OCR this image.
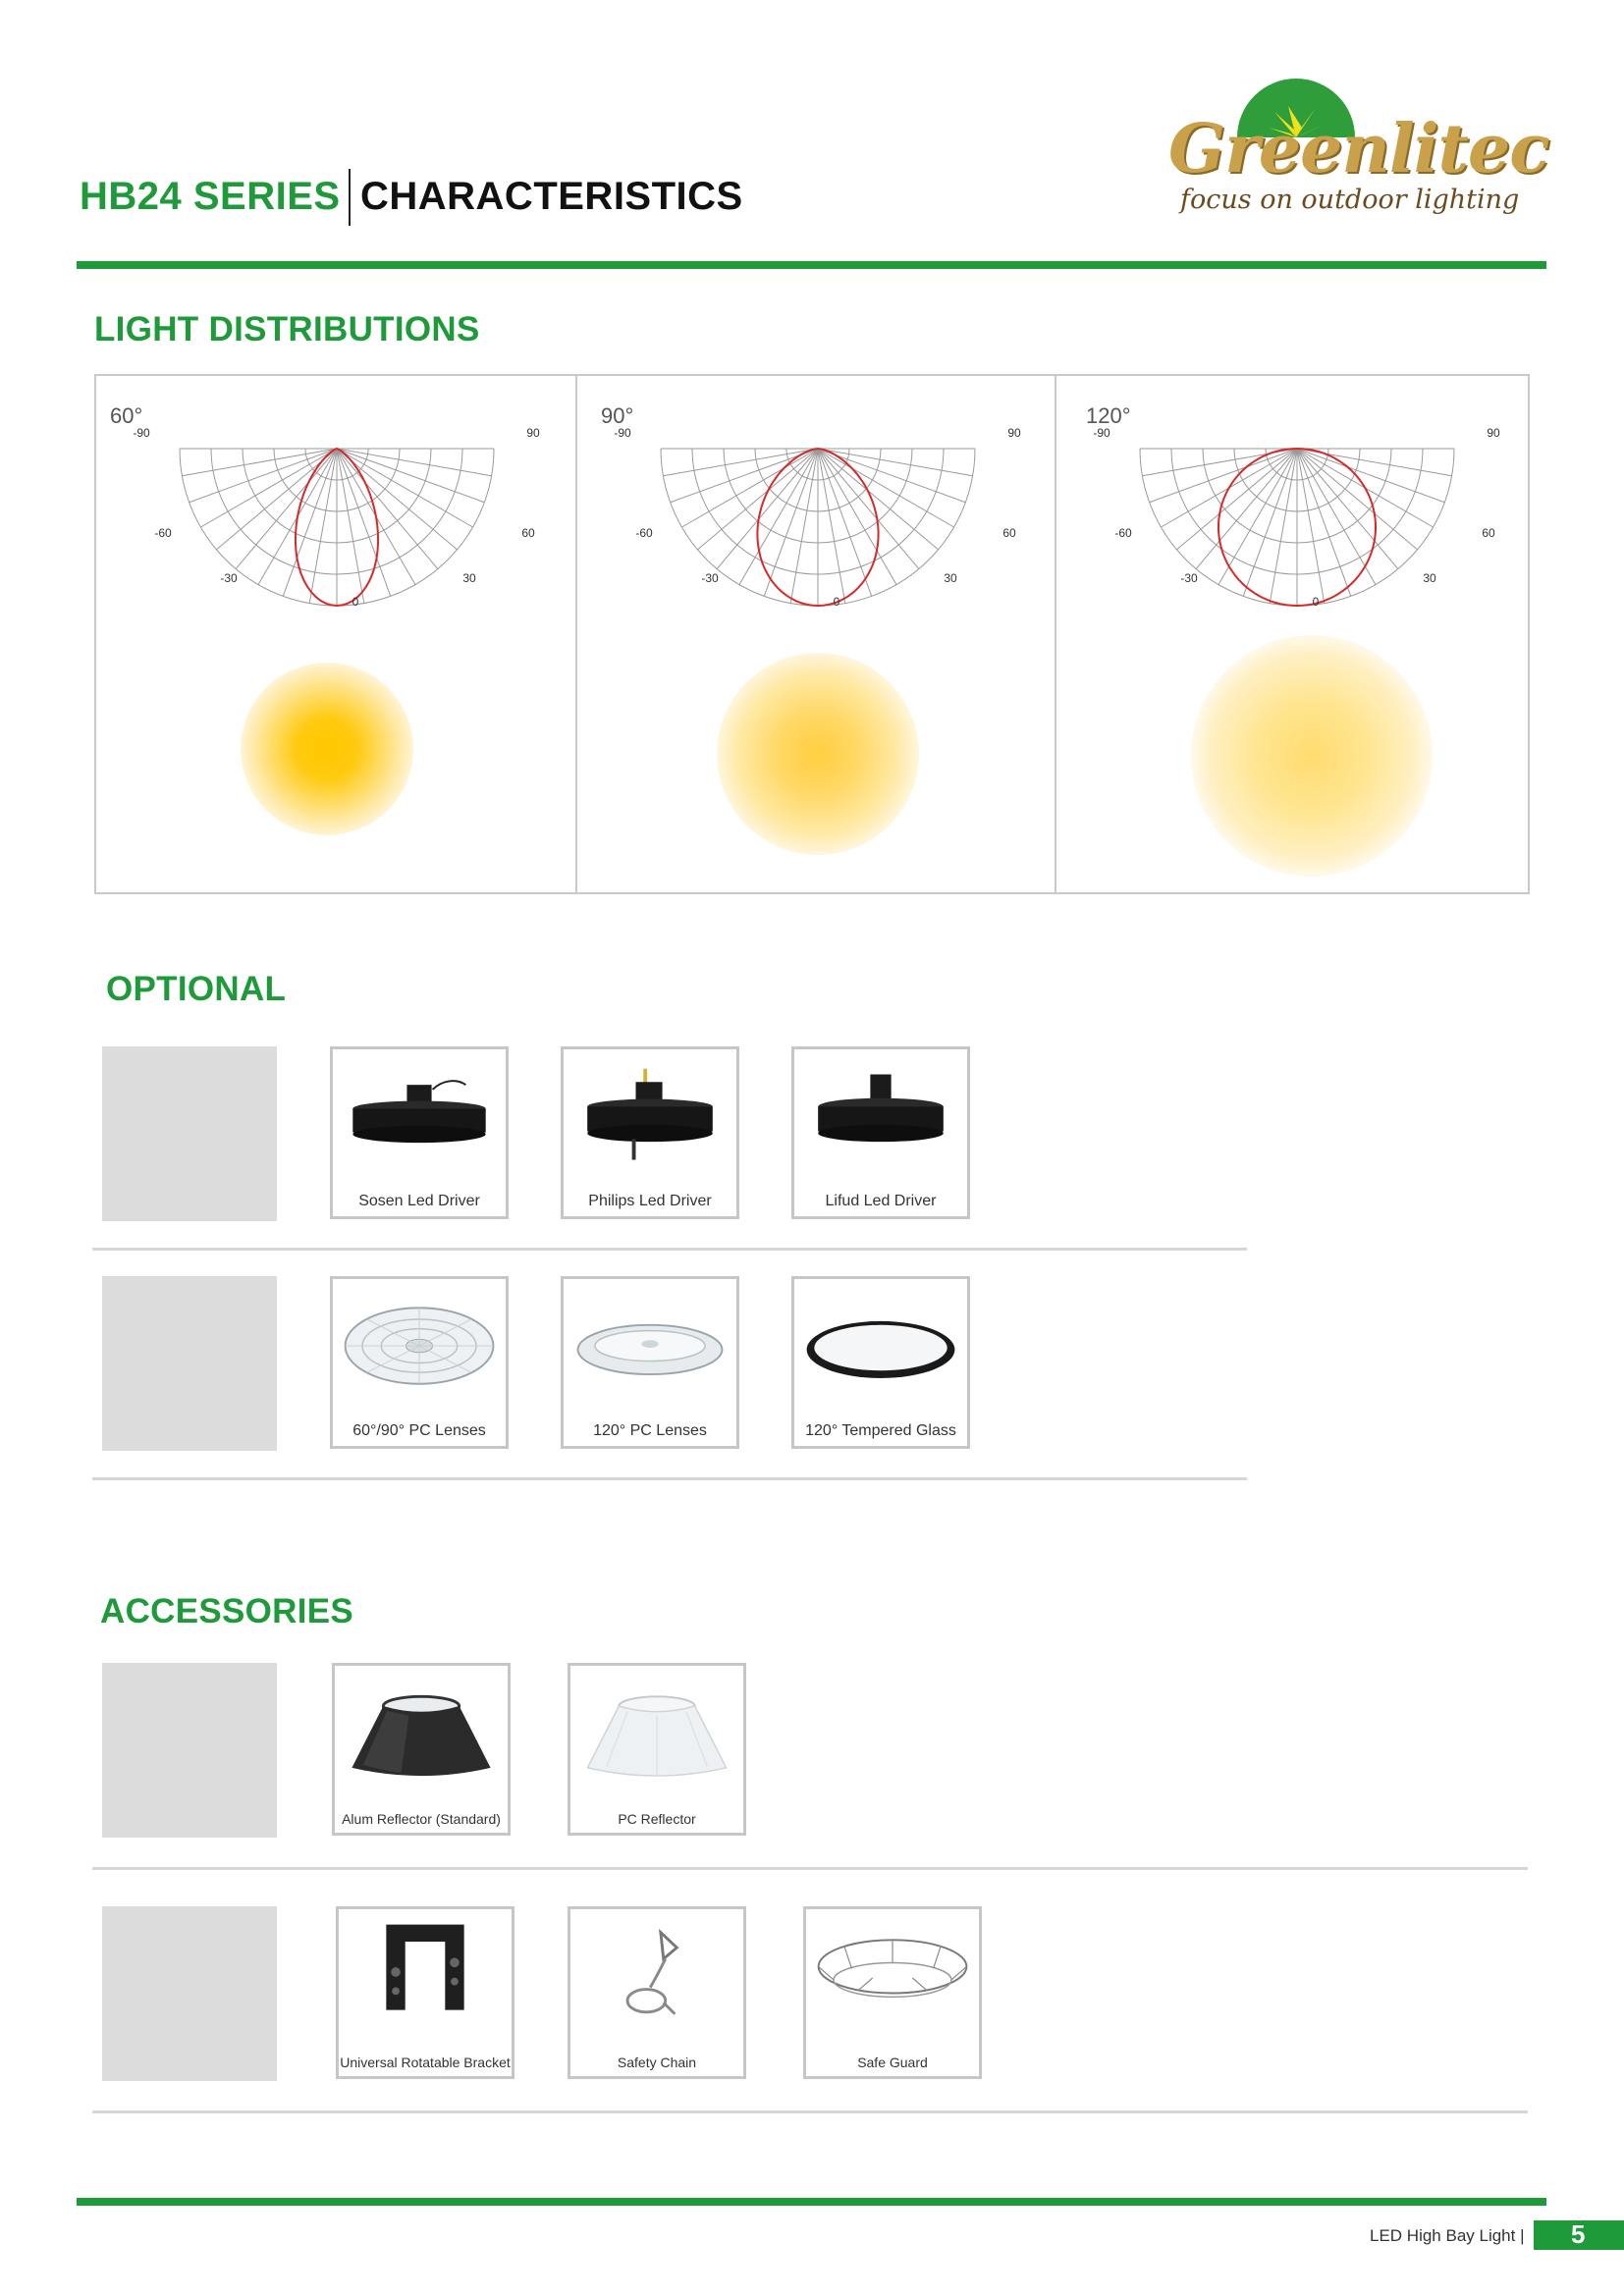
Greenlitec
focus on outdoor lighting
HB24 SERIES CHARACTERISTICS
LIGHT DISTRIBUTIONS
60°
-90	90
-60	60
-30	30
0
90°
-90	90
-60	60
-30	30
0
120°
-90	90
-60	60
-30	30
0
OPTIONAL
Sosen Led Driver	Philips Led Driver	Lifud Led Driver
60°/90° PC Lenses	120° PC Lenses	120° Tempered Glass
ACCESSORIES
Alum Reflector (Standard)	PC Reflector
Universal Rotatable Bracket	Safety Chain	Safe Guard
LED High Bay Light | 5
